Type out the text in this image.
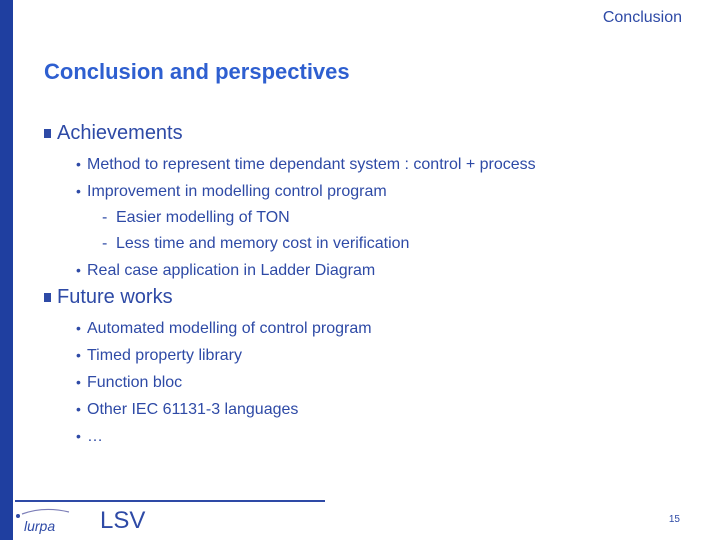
Conclusion
Conclusion and perspectives
Achievements
• Method to represent time dependant system : control + process
• Improvement in modelling control program
- Easier modelling of TON
- Less time and memory cost in verification
• Real case application in Ladder Diagram
Future works
• Automated modelling of control program
• Timed property library
• Function bloc
• Other IEC 61131-3 languages
• …
lurpa LSV	15
